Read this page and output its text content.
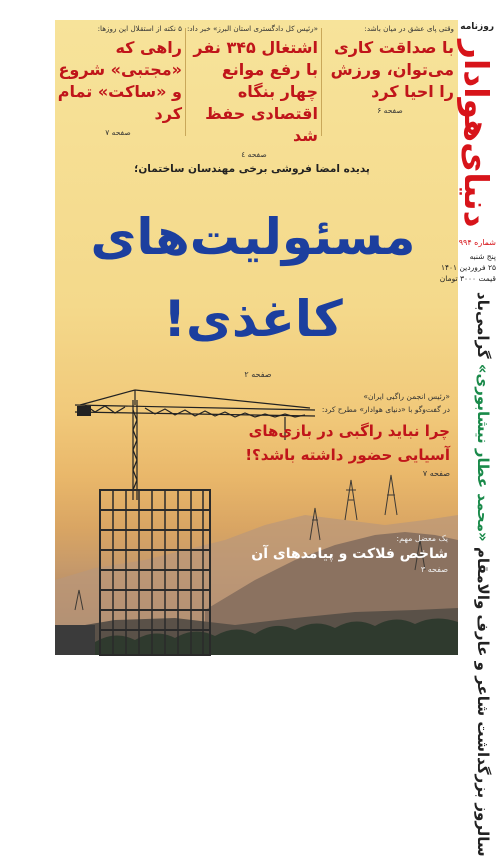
وقتی پای عشق در میان باشد:
با صداقت کاری می‌توان، ورزش را احیا کرد
صفحه ۶
«رئیس کل دادگستری استان البرز» خبر داد:
اشتغال ۳۴۵ نفر با رفع موانع چهار بنگاه اقتصادی حفظ شد
صفحه ٤
۵ نکته از استقلال این روزها:
راهی که «مجتبی» شروع و «ساکت» تمام کرد
صفحه ۷
پدیده امضا فروشی برخی مهندسان ساختمان؛
مسئولیت‌های کاغذی!
صفحه ۲
«رئیس انجمن راگبی ایران»
در گفت‌وگو با «دنیای هوادار» مطرح کرد:
چرا نباید راگبی در بازی‌های آسیایی حضور داشته باشد؟!
صفحه ۷
یک معضل مهم:
شاخص فلاکت و پیامدهای آن
صفحه ۳
روزنامه
دنیای‌هوادار
شماره ۹۹۴
پنج شنبه
۲۵ فروردین ۱۴۰۱
قیمت ۳۰۰۰ تومان
سالروز بزرگداشت شاعر و عارف والامقام «محمد عطار نیشابوری» گرامی‌باد
